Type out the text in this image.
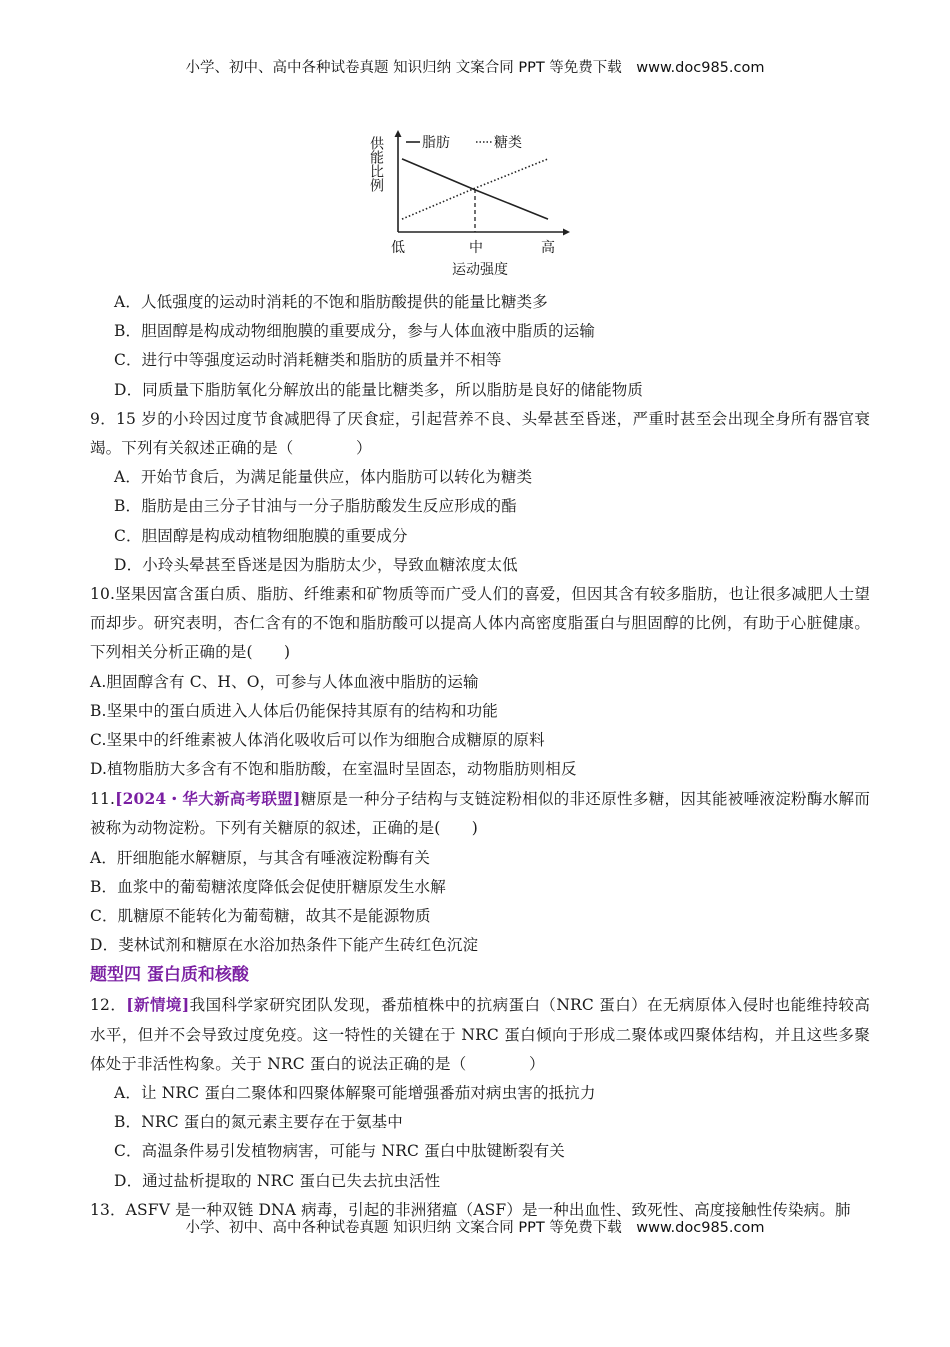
小学、初中、高中各种试卷真题 知识归纳 文案合同 PPT 等免费下载　www.doc985.com
脂肪	糖类
供能比例
低	中	高
运动强度
A．人低强度的运动时消耗的不饱和脂肪酸提供的能量比糖类多
B．胆固醇是构成动物细胞膜的重要成分，参与人体血液中脂质的运输
C．进行中等强度运动时消耗糖类和脂肪的质量并不相等
D．同质量下脂肪氧化分解放出的能量比糖类多，所以脂肪是良好的储能物质
9．15 岁的小玲因过度节食减肥得了厌食症，引起营养不良、头晕甚至昏迷，严重时甚至会出现全身所有器官衰竭。下列有关叙述正确的是（　　　　）
A．开始节食后，为满足能量供应，体内脂肪可以转化为糖类
B．脂肪是由三分子甘油与一分子脂肪酸发生反应形成的酯
C．胆固醇是构成动植物细胞膜的重要成分
D．小玲头晕甚至昏迷是因为脂肪太少，导致血糖浓度太低
10.坚果因富含蛋白质、脂肪、纤维素和矿物质等而广受人们的喜爱，但因其含有较多脂肪，也让很多减肥人士望而却步。研究表明，杏仁含有的不饱和脂肪酸可以提高人体内高密度脂蛋白与胆固醇的比例，有助于心脏健康。下列相关分析正确的是(　　)
A.胆固醇含有 C、H、O，可参与人体血液中脂肪的运输
B.坚果中的蛋白质进入人体后仍能保持其原有的结构和功能
C.坚果中的纤维素被人体消化吸收后可以作为细胞合成糖原的原料
D.植物脂肪大多含有不饱和脂肪酸，在室温时呈固态，动物脂肪则相反
11.[2024・华大新高考联盟]糖原是一种分子结构与支链淀粉相似的非还原性多糖，因其能被唾液淀粉酶水解而被称为动物淀粉。下列有关糖原的叙述，正确的是(　　)
A．肝细胞能水解糖原，与其含有唾液淀粉酶有关
B．血浆中的葡萄糖浓度降低会促使肝糖原发生水解
C．肌糖原不能转化为葡萄糖，故其不是能源物质
D．斐林试剂和糖原在水浴加热条件下能产生砖红色沉淀
题型四 蛋白质和核酸
12．[新情境]我国科学家研究团队发现，番茄植株中的抗病蛋白（NRC 蛋白）在无病原体入侵时也能维持较高水平，但并不会导致过度免疫。这一特性的关键在于 NRC 蛋白倾向于形成二聚体或四聚体结构，并且这些多聚体处于非活性构象。关于 NRC 蛋白的说法正确的是（　　　　）
A．让 NRC 蛋白二聚体和四聚体解聚可能增强番茄对病虫害的抵抗力
B．NRC 蛋白的氮元素主要存在于氨基中
C．高温条件易引发植物病害，可能与 NRC 蛋白中肽键断裂有关
D．通过盐析提取的 NRC 蛋白已失去抗虫活性
13．ASFV 是一种双链 DNA 病毒，引起的非洲猪瘟（ASF）是一种出血性、致死性、高度接触性传染病。肺
小学、初中、高中各种试卷真题 知识归纳 文案合同 PPT 等免费下载　www.doc985.com
